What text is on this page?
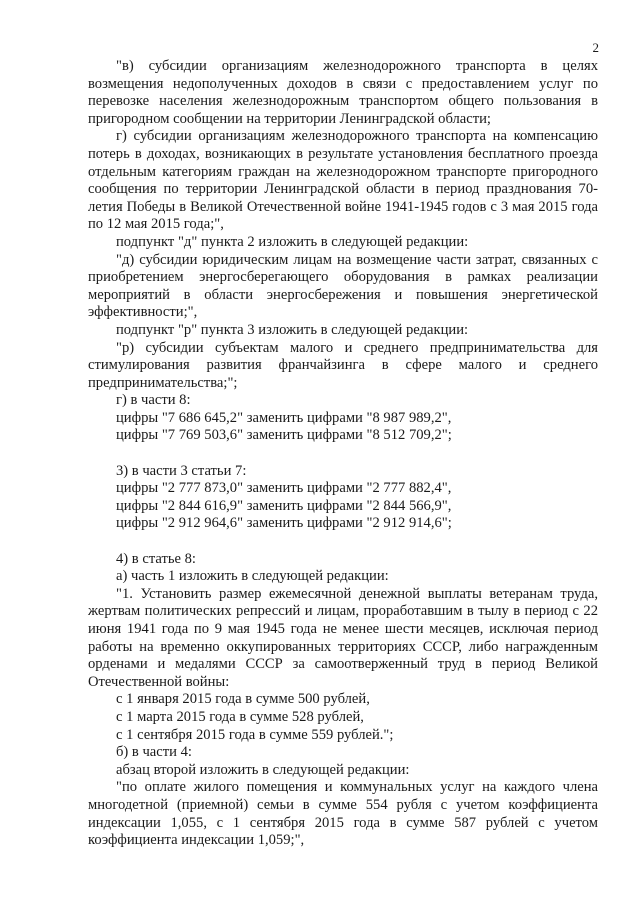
2
"в) субсидии организациям железнодорожного транспорта в целях возмещения недополученных доходов в связи с предоставлением услуг по перевозке населения железнодорожным транспортом общего пользования в пригородном сообщении на территории Ленинградской области;
г) субсидии организациям железнодорожного транспорта на компенсацию потерь в доходах, возникающих в результате установления бесплатного проезда отдельным категориям граждан на железнодорожном транспорте пригородного сообщения по территории Ленинградской области в период празднования 70-летия Победы в Великой Отечественной войне 1941-1945 годов с 3 мая 2015 года по 12 мая 2015 года;",
подпункт "д" пункта 2 изложить в следующей редакции:
"д) субсидии юридическим лицам на возмещение части затрат, связанных с приобретением энергосберегающего оборудования в рамках реализации мероприятий в области энергосбережения и повышения энергетической эффективности;",
подпункт "р" пункта 3 изложить в следующей редакции:
"р) субсидии субъектам малого и среднего предпринимательства для стимулирования развития франчайзинга в сфере малого и среднего предпринимательства;";
г) в части 8:
цифры "7 686 645,2" заменить цифрами "8 987 989,2",
цифры "7 769 503,6" заменить цифрами "8 512 709,2";
3) в части 3 статьи 7:
цифры "2 777 873,0" заменить цифрами "2 777 882,4",
цифры "2 844 616,9" заменить цифрами "2 844 566,9",
цифры "2 912 964,6" заменить цифрами "2 912 914,6";
4) в статье 8:
а) часть 1 изложить в следующей редакции:
"1. Установить размер ежемесячной денежной выплаты ветеранам труда, жертвам политических репрессий и лицам, проработавшим в тылу в период с 22 июня 1941 года по 9 мая 1945 года не менее шести месяцев, исключая период работы на временно оккупированных территориях СССР, либо награжденным орденами и медалями СССР за самоотверженный труд в период Великой Отечественной войны:
с 1 января 2015 года в сумме 500 рублей,
с 1 марта 2015 года в сумме 528 рублей,
с 1 сентября 2015 года в сумме 559 рублей.";
б) в части 4:
абзац второй изложить в следующей редакции:
"по оплате жилого помещения и коммунальных услуг на каждого члена многодетной (приемной) семьи в сумме 554 рубля с учетом коэффициента индексации 1,055, с 1 сентября 2015 года в сумме 587 рублей с учетом коэффициента индексации 1,059;",
